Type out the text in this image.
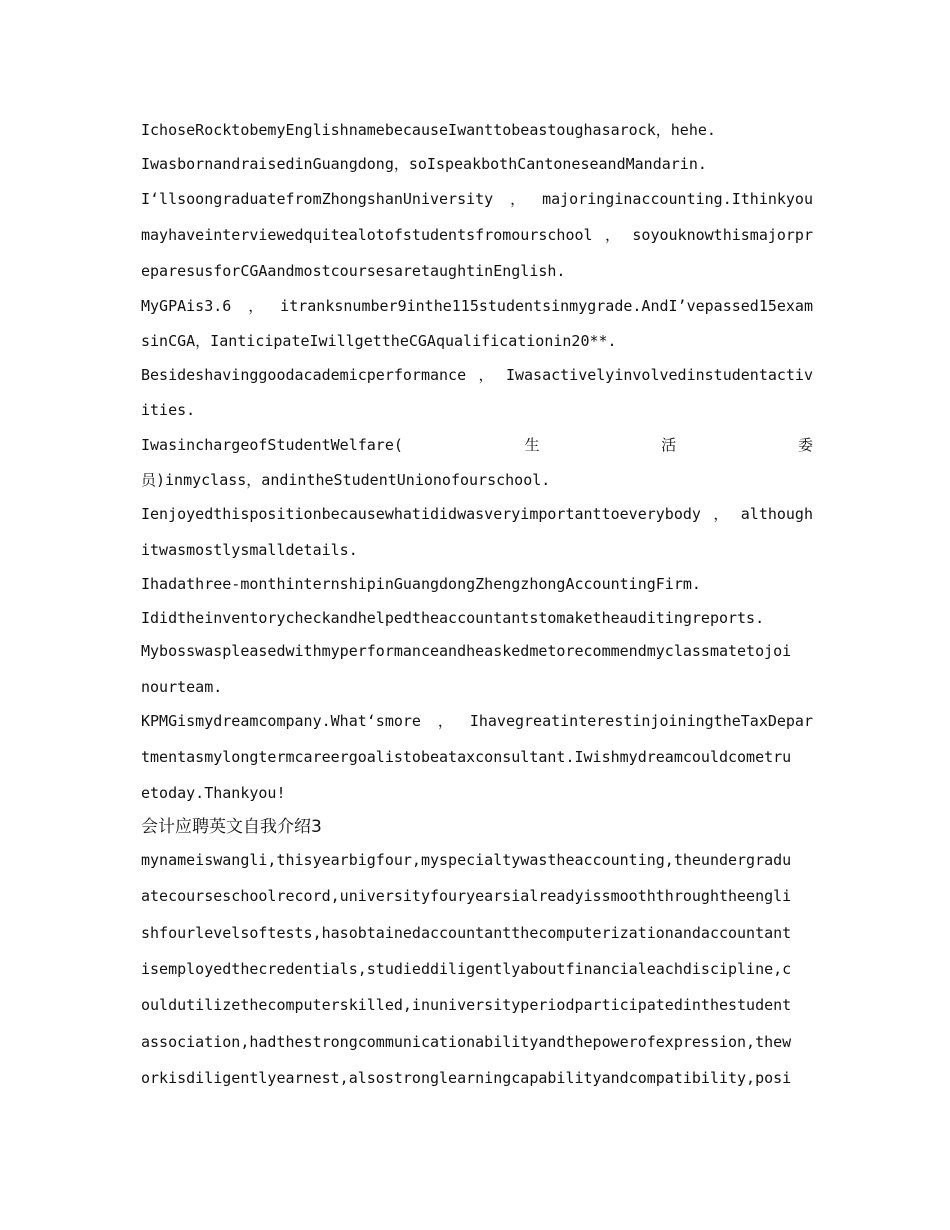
IchoseRocktobemyEnglishnamebecauseIwanttobeastoughasarock，hehe.
IwasbornandraisedinGuangdong，soIspeakbothCantoneseandMandarin.
I‘llsoongraduatefromZhongshanUniversity，majoringinaccounting.Ithinkyou
mayhaveinterviewedquitealotofstudentsfromourschool，soyouknowthismajorpr
eparesusforCGAandmostcoursesaretaughtinEnglish.
MyGPAis3.6，itranksnumber9inthe115studentsinmygrade.AndI’vepassed15exam
sinCGA，IanticipateIwillgettheCGAqualificationin20**.
Besideshavinggoodacademicperformance，Iwasactivelyinvolvedinstudentactiv
ities.
IwasinchargeofStudentWelfare(	生	活	委
员)inmyclass，andintheStudentUnionofourschool.
Ienjoyedthispositionbecausewhatididwasveryimportanttoeverybody，although
itwasmostlysmalldetails.
Ihadathree-monthinternshipinGuangdongZhengzhongAccountingFirm.
Ididtheinventorycheckandhelpedtheaccountantstomaketheauditingreports.
Mybosswaspleasedwithmyperformanceandheaskedmetorecommendmyclassmatetojoi
nourteam.
KPMGismydreamcompany.What‘smore，IhavegreatinterestinjoiningtheTaxDepar
tmentasmylongtermcareergoalistobeataxconsultant.Iwishmydreamcouldcometru
etoday.Thankyou!
会计应聘英文自我介绍3
mynameiswangli,thisyearbigfour,myspecialtywastheaccounting,theundergradu
atecourseschoolrecord,universityfouryearsialreadyissmooththroughtheengli
shfourlevelsoftests,hasobtainedaccountantthecomputerizationandaccountant
isemployedthecredentials,studieddiligentlyaboutfinancialeachdiscipline,c
ouldutilizethecomputerskilled,inuniversityperiodparticipatedinthestudent
association,hadthestrongcommunicationabilityandthepowerofexpression,thew
orkisdiligentlyearnest,alsostronglearningcapabilityandcompatibility,posi
